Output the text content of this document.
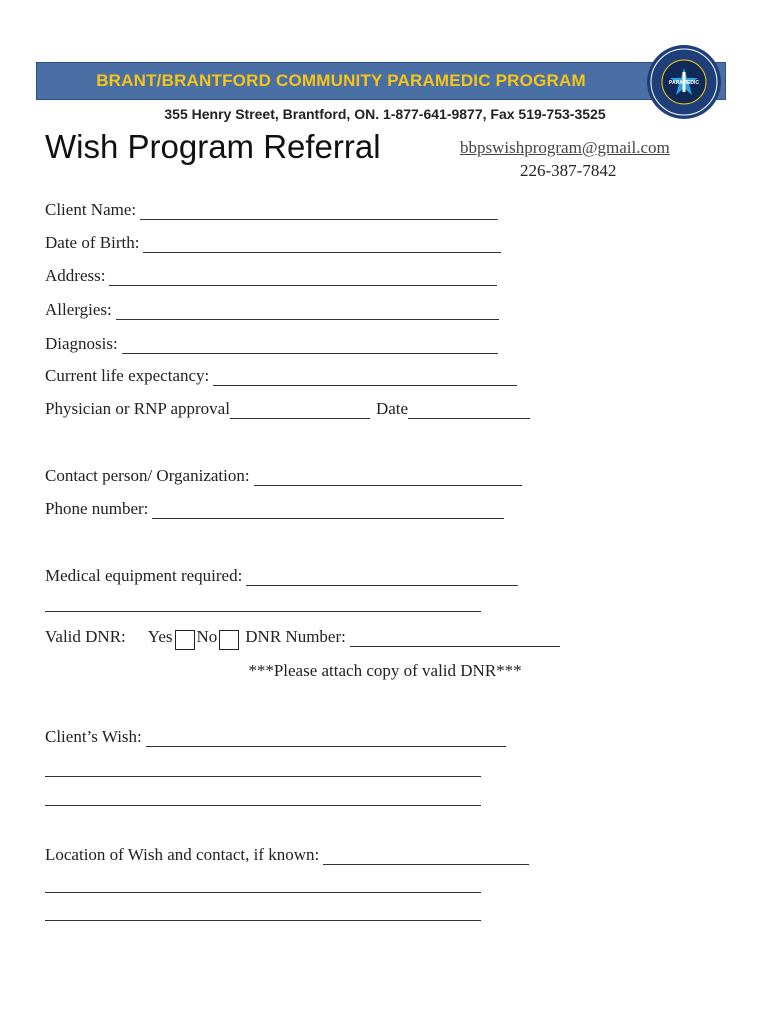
BRANT/BRANTFORD COMMUNITY PARAMEDIC PROGRAM	PARAMEDIC
355 Henry Street, Brantford, ON. 1-877-641-9877, Fax 519-753-3525
Wish Program Referral	bbpswishprogram@gmail.com
226-387-7842
Client Name:
Date of Birth:
Address:
Allergies:
Diagnosis:
Current life expectancy:
Physician or RNP approval	Date
Contact person/ Organization:
Phone number:
Medical equipment required:
Valid DNR: Yes No DNR Number:
***Please attach copy of valid DNR***
Client’s Wish:
Location of Wish and contact, if known:
